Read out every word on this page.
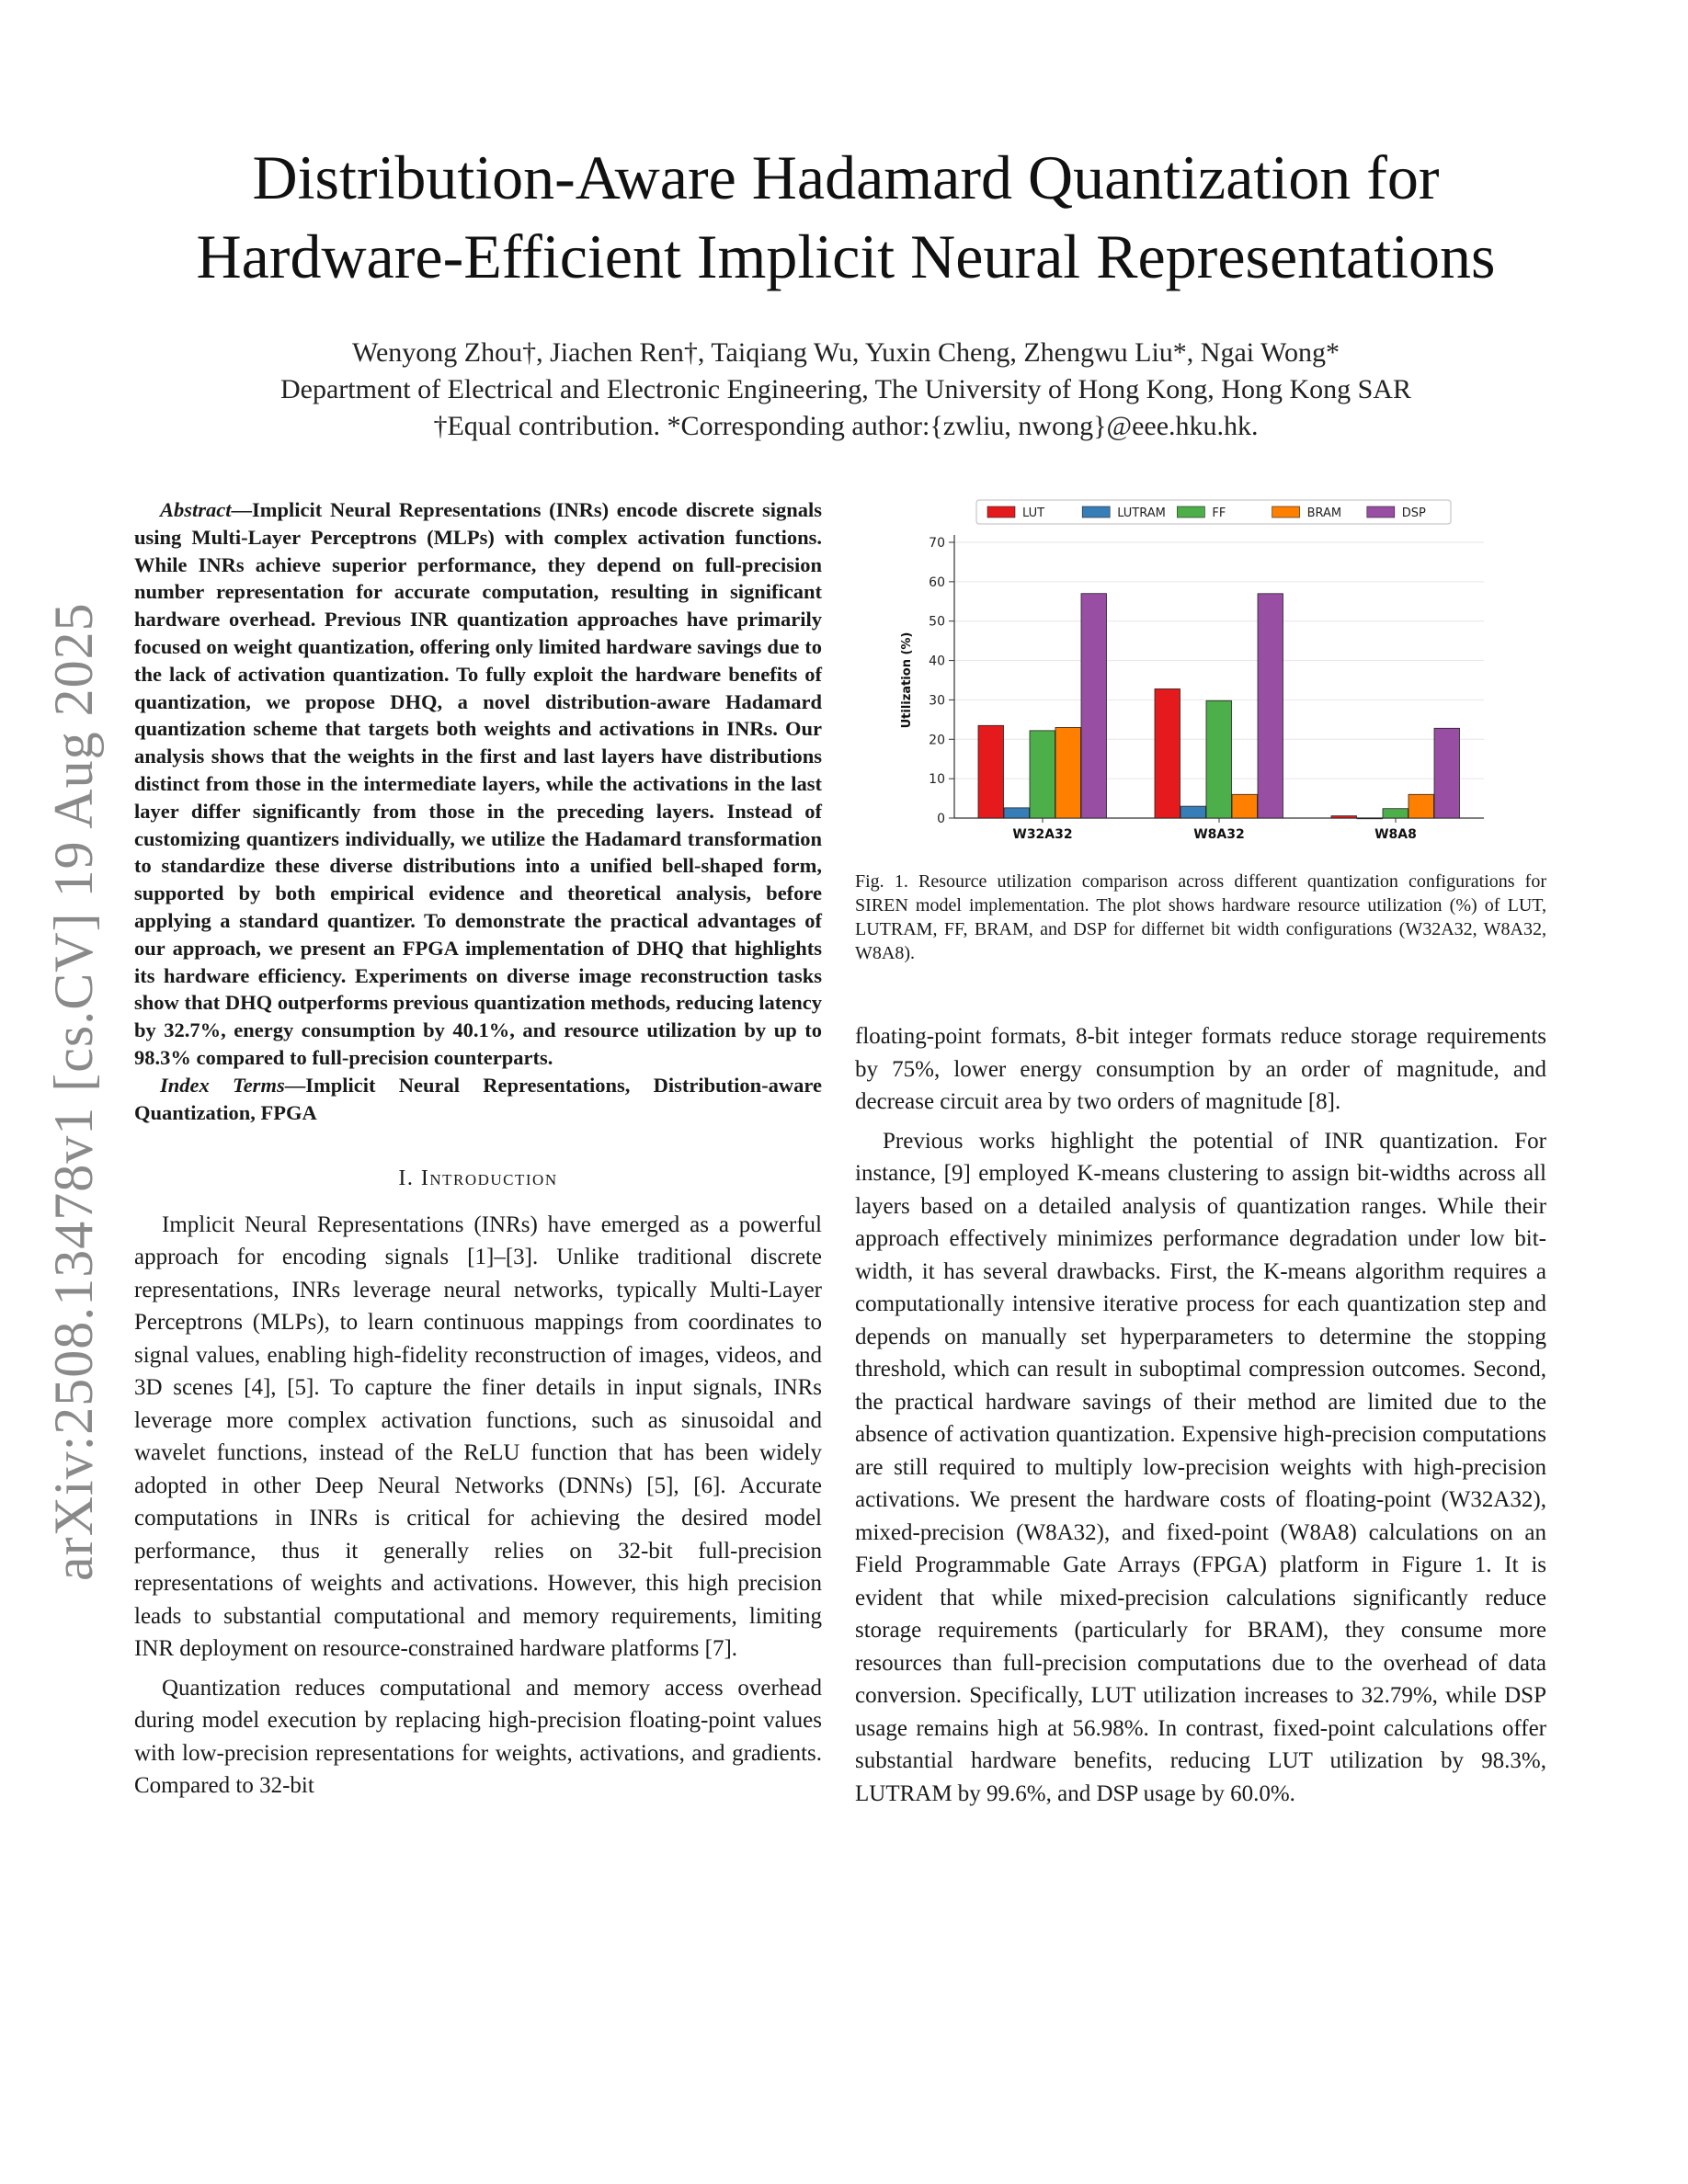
arXiv:2508.13478v1 [cs.CV] 19 Aug 2025
Distribution-Aware Hadamard Quantization for
Hardware-Efficient Implicit Neural Representations
Wenyong Zhou†, Jiachen Ren†, Taiqiang Wu, Yuxin Cheng, Zhengwu Liu*, Ngai Wong*
Department of Electrical and Electronic Engineering, The University of Hong Kong, Hong Kong SAR
†Equal contribution. *Corresponding author:{zwliu, nwong}@eee.hku.hk.

Abstract—Implicit Neural Representations (INRs) encode discrete signals using Multi-Layer Perceptrons (MLPs) with complex activation functions. While INRs achieve superior performance, they depend on full-precision number representation for accurate computation, resulting in significant hardware overhead. Previous INR quantization approaches have primarily focused on weight quantization, offering only limited hardware savings due to the lack of activation quantization. To fully exploit the hardware benefits of quantization, we propose DHQ, a novel distribution-aware Hadamard quantization scheme that targets both weights and activations in INRs. Our analysis shows that the weights in the first and last layers have distributions distinct from those in the intermediate layers, while the activations in the last layer differ significantly from those in the preceding layers. Instead of customizing quantizers individually, we utilize the Hadamard transformation to standardize these diverse distributions into a unified bell-shaped form, supported by both empirical evidence and theoretical analysis, before applying a standard quantizer. To demonstrate the practical advantages of our approach, we present an FPGA implementation of DHQ that highlights its hardware efficiency. Experiments on diverse image reconstruction tasks show that DHQ outperforms previous quantization methods, reducing latency by 32.7%, energy consumption by 40.1%, and resource utilization by up to 98.3% compared to full-precision counterparts.

Index Terms—Implicit Neural Representations, Distribution-aware Quantization, FPGA

I. Introduction

Implicit Neural Representations (INRs) have emerged as a powerful approach for encoding signals [1]–[3]. Unlike traditional discrete representations, INRs leverage neural networks, typically Multi-Layer Perceptrons (MLPs), to learn continuous mappings from coordinates to signal values, enabling high-fidelity reconstruction of images, videos, and 3D scenes [4], [5]. To capture the finer details in input signals, INRs leverage more complex activation functions, such as sinusoidal and wavelet functions, instead of the ReLU function that has been widely adopted in other Deep Neural Networks (DNNs) [5], [6]. Accurate computations in INRs is critical for achieving the desired model performance, thus it generally relies on 32-bit full-precision representations of weights and activations. However, this high precision leads to substantial computational and memory requirements, limiting INR deployment on resource-constrained hardware platforms [7].

Quantization reduces computational and memory access overhead during model execution by replacing high-precision floating-point values with low-precision representations for weights, activations, and gradients. Compared to 32-bit

0
10
20
30
40
50
60
70
Utilization (%)
W32A32	W8A32	W8A8
LUT	LUTRAM	FF	BRAM	DSP
Fig. 1. Resource utilization comparison across different quantization configurations for SIREN model implementation. The plot shows hardware resource utilization (%) of LUT, LUTRAM, FF, BRAM, and DSP for differnet bit width configurations (W32A32, W8A32, W8A8).

floating-point formats, 8-bit integer formats reduce storage requirements by 75%, lower energy consumption by an order of magnitude, and decrease circuit area by two orders of magnitude [8].

Previous works highlight the potential of INR quantization. For instance, [9] employed K-means clustering to assign bit-widths across all layers based on a detailed analysis of quantization ranges. While their approach effectively minimizes performance degradation under low bit-width, it has several drawbacks. First, the K-means algorithm requires a computationally intensive iterative process for each quantization step and depends on manually set hyperparameters to determine the stopping threshold, which can result in suboptimal compression outcomes. Second, the practical hardware savings of their method are limited due to the absence of activation quantization. Expensive high-precision computations are still required to multiply low-precision weights with high-precision activations. We present the hardware costs of floating-point (W32A32), mixed-precision (W8A32), and fixed-point (W8A8) calculations on an Field Programmable Gate Arrays (FPGA) platform in Figure 1. It is evident that while mixed-precision calculations significantly reduce storage requirements (particularly for BRAM), they consume more resources than full-precision computations due to the overhead of data conversion. Specifically, LUT utilization increases to 32.79%, while DSP usage remains high at 56.98%. In contrast, fixed-point calculations offer substantial hardware benefits, reducing LUT utilization by 98.3%, LUTRAM by 99.6%, and DSP usage by 60.0%.
